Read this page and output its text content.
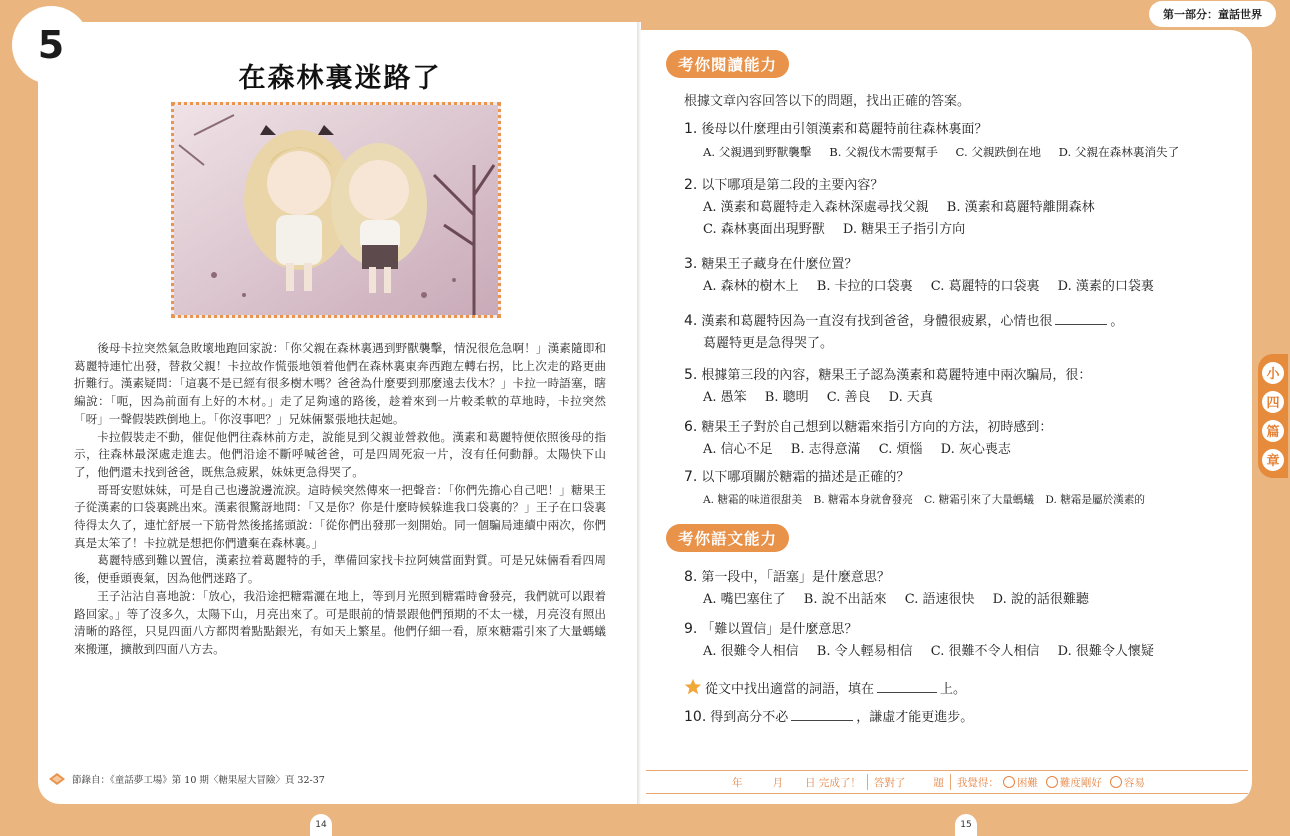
5
在森林裏迷路了

後母卡拉突然氣急敗壞地跑回家說：「你父親在森林裏遇到野獸襲擊，情況很危急啊！」漢素隨即和葛麗特連忙出發，替救父親！卡拉故作慌張地領着他們在森林裏東奔西跑左轉右拐，比上次走的路更曲折難行。漢素疑問：「這裏不是已經有很多樹木嗎？爸爸為什麼要到那麼遠去伐木？」卡拉一時語塞，瞎編說：「呃，因為前面有上好的木材。」走了足夠遠的路後，趁着來到一片較柔軟的草地時，卡拉突然「呀」一聲假裝跌倒地上。「你沒事吧？」兄妹倆緊張地扶起她。

卡拉假裝走不動，催促他們往森林前方走，說能見到父親並營救他。漢素和葛麗特便依照後母的指示，往森林最深處走進去。他們沿途不斷呼喊爸爸，可是四周死寂一片，沒有任何動靜。太陽快下山了，他們還未找到爸爸，既焦急疲累，妹妹更急得哭了。

哥哥安慰妹妹，可是自己也邊說邊流淚。這時候突然傳來一把聲音：「你們先擔心自己吧！」糖果王子從漢素的口袋裏跳出來。漢素很驚訝地問：「又是你？你是什麼時候躲進我口袋裏的？」王子在口袋裏待得太久了，連忙舒展一下筋骨然後搖搖頭說：「從你們出發那一刻開始。同一個騙局連續中兩次，你們真是太笨了！卡拉就是想把你們遺棄在森林裏。」

葛麗特感到難以置信，漢素拉着葛麗特的手，準備回家找卡拉阿姨當面對質。可是兄妹倆看看四周後，便垂頭喪氣，因為他們迷路了。

王子沾沾自喜地說：「放心，我沿途把糖霜灑在地上，等到月光照到糖霜時會發亮，我們就可以跟着路回家。」等了沒多久，太陽下山，月亮出來了。可是眼前的情景跟他們預期的不太一樣，月亮沒有照出清晰的路徑，只見四面八方都閃着點點銀光，有如天上繁星。他們仔細一看，原來糖霜引來了大量螞蟻來搬運，擴散到四面八方去。

節錄自：《童話夢工場》第 10 期〈糖果屋大冒險〉頁 32-37
14
第一部分：童話世界
考你閱讀能力
根據文章內容回答以下的問題，找出正確的答案。
1. 後母以什麼理由引領漢素和葛麗特前往森林裏面？
A. 父親遇到野獸襲擊 B. 父親伐木需要幫手 C. 父親跌倒在地 D. 父親在森林裏消失了
2. 以下哪項是第二段的主要內容？
A. 漢素和葛麗特走入森林深處尋找父親 B. 漢素和葛麗特離開森林
C. 森林裏面出現野獸 D. 糖果王子指引方向
3. 糖果王子藏身在什麼位置？
A. 森林的樹木上 B. 卡拉的口袋裏 C. 葛麗特的口袋裏 D. 漢素的口袋裏
4. 漢素和葛麗特因為一直沒有找到爸爸，身體很疲累，心情也很	。
葛麗特更是急得哭了。
5. 根據第三段的內容，糖果王子認為漢素和葛麗特連中兩次騙局，很：
A. 愚笨 B. 聰明 C. 善良 D. 天真
6. 糖果王子對於自己想到以糖霜來指引方向的方法，初時感到：
A. 信心不足 B. 志得意滿 C. 煩惱 D. 灰心喪志
7. 以下哪項關於糖霜的描述是正確的？
A. 糖霜的味道很甜美 B. 糖霜本身就會發亮 C. 糖霜引來了大量螞蟻 D. 糖霜是屬於漢素的
考你語文能力
8. 第一段中，「語塞」是什麼意思？
A. 嘴巴塞住了 B. 說不出話來 C. 語速很快 D. 說的話很難聽
9. 「難以置信」是什麼意思？
A. 很難令人相信 B. 令人輕易相信 C. 很難不令人相信 D. 很難令人懷疑
從文中找出適當的詞語，填在	上。
10. 得到高分不必	，謙虛才能更進步。
年	月 日 完成了！ 答對了	題 我覺得：	困難	難度剛好	容易
小
四
篇
章
15
